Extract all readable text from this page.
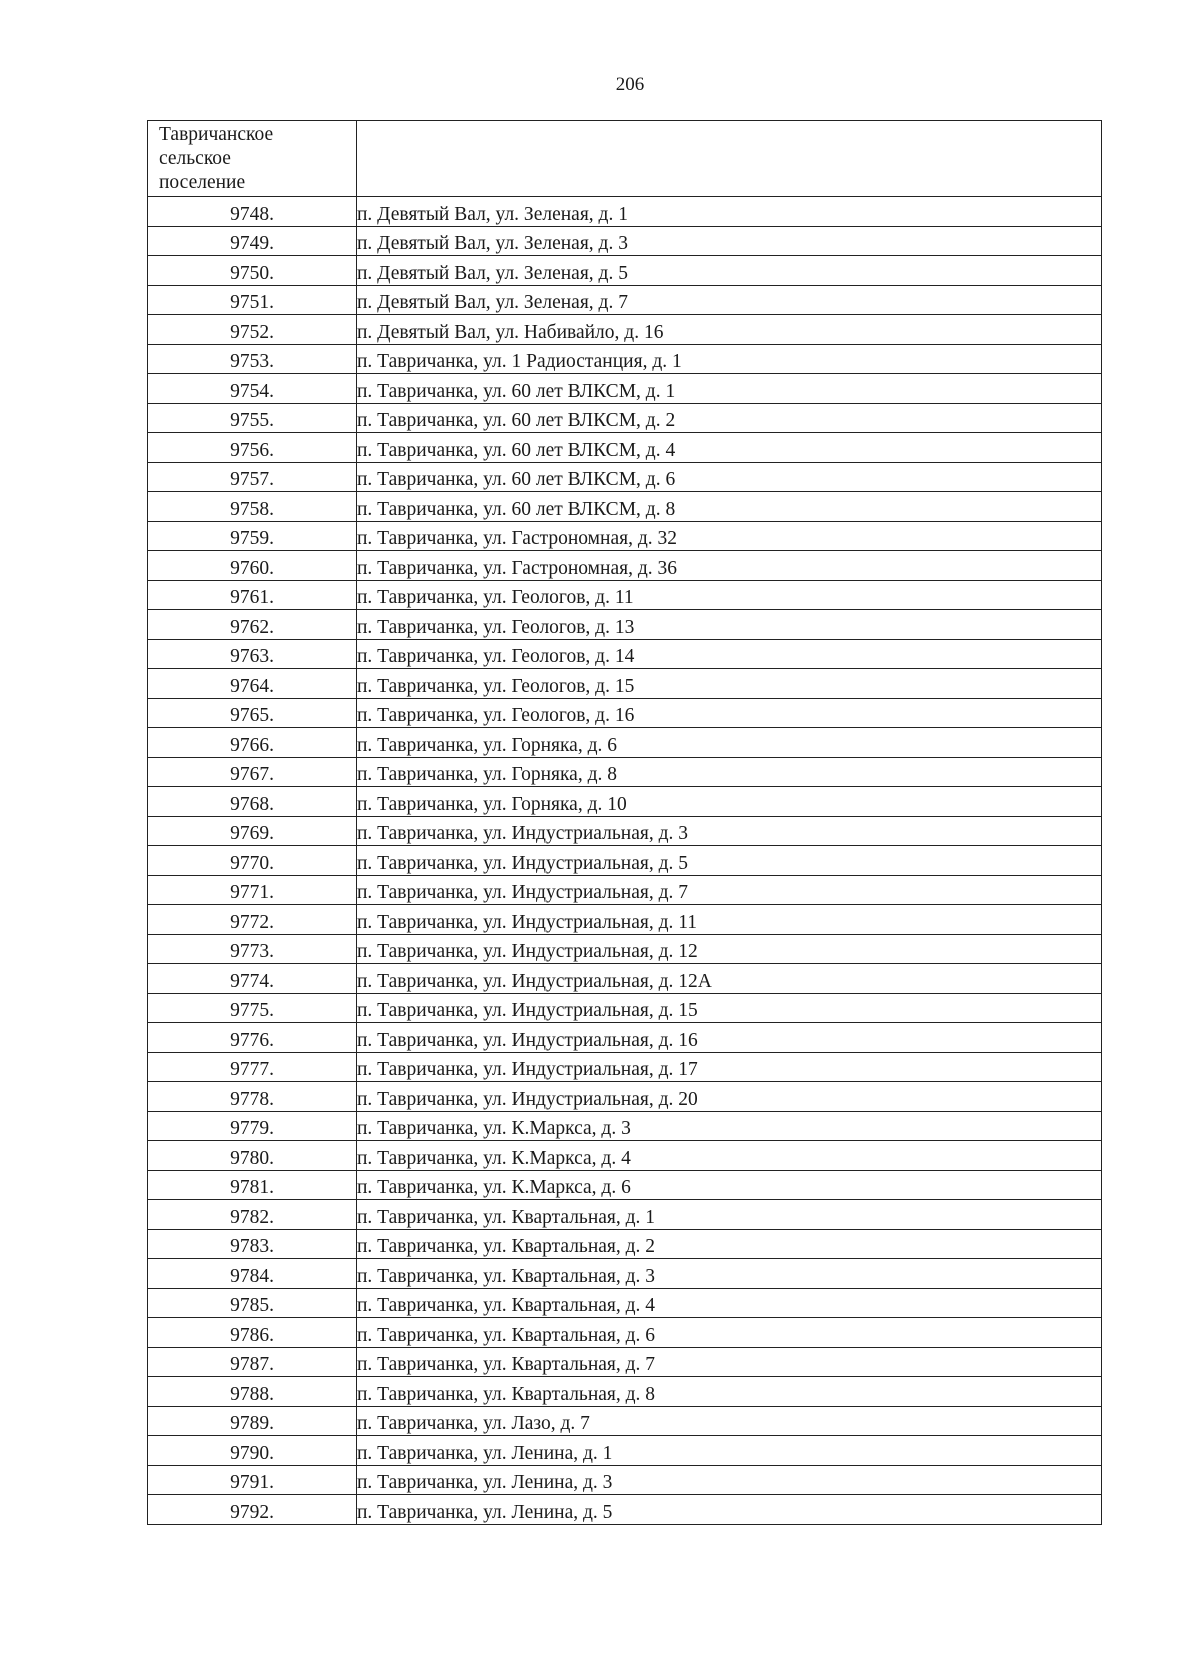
206
Тавричанское
сельское
поселение	

9748.	п. Девятый Вал, ул. Зеленая, д. 1
9749.	п. Девятый Вал, ул. Зеленая, д. 3
9750.	п. Девятый Вал, ул. Зеленая, д. 5
9751.	п. Девятый Вал, ул. Зеленая, д. 7
9752.	п. Девятый Вал, ул. Набивайло, д. 16
9753.	п. Тавричанка, ул. 1 Радиостанция, д. 1
9754.	п. Тавричанка, ул. 60 лет ВЛКСМ, д. 1
9755.	п. Тавричанка, ул. 60 лет ВЛКСМ, д. 2
9756.	п. Тавричанка, ул. 60 лет ВЛКСМ, д. 4
9757.	п. Тавричанка, ул. 60 лет ВЛКСМ, д. 6
9758.	п. Тавричанка, ул. 60 лет ВЛКСМ, д. 8
9759.	п. Тавричанка, ул. Гастрономная, д. 32
9760.	п. Тавричанка, ул. Гастрономная, д. 36
9761.	п. Тавричанка, ул. Геологов, д. 11
9762.	п. Тавричанка, ул. Геологов, д. 13
9763.	п. Тавричанка, ул. Геологов, д. 14
9764.	п. Тавричанка, ул. Геологов, д. 15
9765.	п. Тавричанка, ул. Геологов, д. 16
9766.	п. Тавричанка, ул. Горняка, д. 6
9767.	п. Тавричанка, ул. Горняка, д. 8
9768.	п. Тавричанка, ул. Горняка, д. 10
9769.	п. Тавричанка, ул. Индустриальная, д. 3
9770.	п. Тавричанка, ул. Индустриальная, д. 5
9771.	п. Тавричанка, ул. Индустриальная, д. 7
9772.	п. Тавричанка, ул. Индустриальная, д. 11
9773.	п. Тавричанка, ул. Индустриальная, д. 12
9774.	п. Тавричанка, ул. Индустриальная, д. 12А
9775.	п. Тавричанка, ул. Индустриальная, д. 15
9776.	п. Тавричанка, ул. Индустриальная, д. 16
9777.	п. Тавричанка, ул. Индустриальная, д. 17
9778.	п. Тавричанка, ул. Индустриальная, д. 20
9779.	п. Тавричанка, ул. К.Маркса, д. 3
9780.	п. Тавричанка, ул. К.Маркса, д. 4
9781.	п. Тавричанка, ул. К.Маркса, д. 6
9782.	п. Тавричанка, ул. Квартальная, д. 1
9783.	п. Тавричанка, ул. Квартальная, д. 2
9784.	п. Тавричанка, ул. Квартальная, д. 3
9785.	п. Тавричанка, ул. Квартальная, д. 4
9786.	п. Тавричанка, ул. Квартальная, д. 6
9787.	п. Тавричанка, ул. Квартальная, д. 7
9788.	п. Тавричанка, ул. Квартальная, д. 8
9789.	п. Тавричанка, ул. Лазо, д. 7
9790.	п. Тавричанка, ул. Ленина, д. 1
9791.	п. Тавричанка, ул. Ленина, д. 3
9792.	п. Тавричанка, ул. Ленина, д. 5
